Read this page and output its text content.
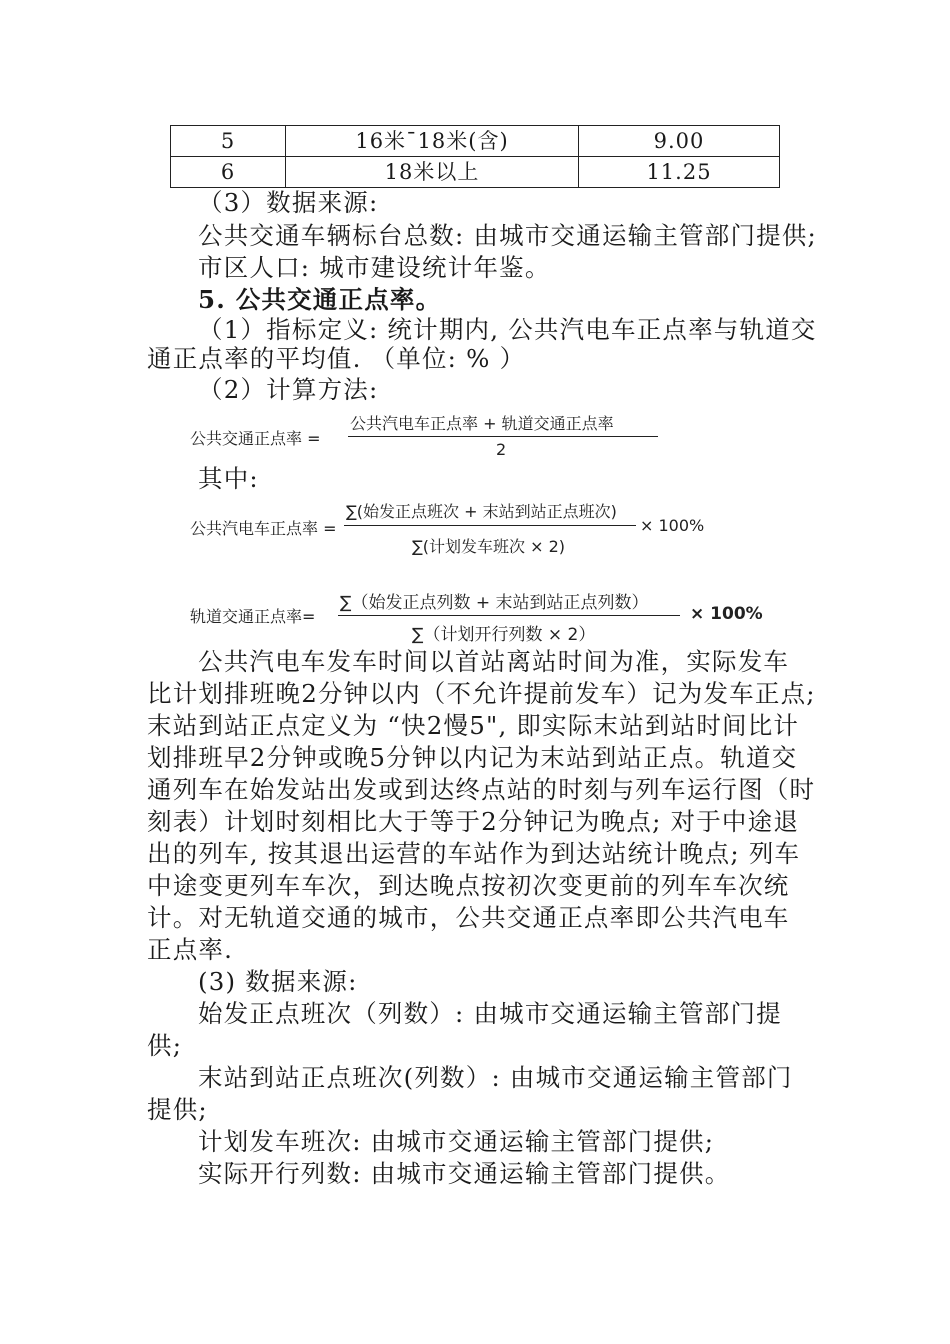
5	16米ˉ18米(含)	9.00
6	18米以上	11.25
（3）数据来源:
公共交通车辆标台总数: 由城市交通运输主管部门提供;
市区人口: 城市建设统计年鉴。
5. 公共交通正点率。
（1）指标定义: 统计期内, 公共汽电车正点率与轨道交
通正点率的平均值. （单位: % ）
（2）计算方法:
公共交通正点率 =
公共汽电车正点率 + 轨道交通正点率
2
其中:
公共汽电车正点率 =
∑(始发正点班次 + 末站到站正点班次)
∑(计划发车班次 × 2)
× 100%
轨道交通正点率=
∑（始发正点列数 + 末站到站正点列数）
∑（计划开行列数 × 2）
× 100%
公共汽电车发车时间以首站离站时间为准，实际发车
比计划排班晚2分钟以内（不允许提前发车）记为发车正点;
末站到站正点定义为 “快2慢5", 即实际末站到站时间比计
划排班早2分钟或晚5分钟以内记为末站到站正点。轨道交
通列车在始发站出发或到达终点站的时刻与列车运行图（时
刻表）计划时刻相比大于等于2分钟记为晚点; 对于中途退
出的列车, 按其退出运营的车站作为到达站统计晚点; 列车
中途变更列车车次，到达晚点按初次变更前的列车车次统
计。对无轨道交通的城市，公共交通正点率即公共汽电车
正点率.
(3) 数据来源:
始发正点班次（列数）: 由城市交通运输主管部门提
供;
末站到站正点班次(列数）: 由城市交通运输主管部门
提供;
计划发车班次: 由城市交通运输主管部门提供;
实际开行列数: 由城市交通运输主管部门提供。
